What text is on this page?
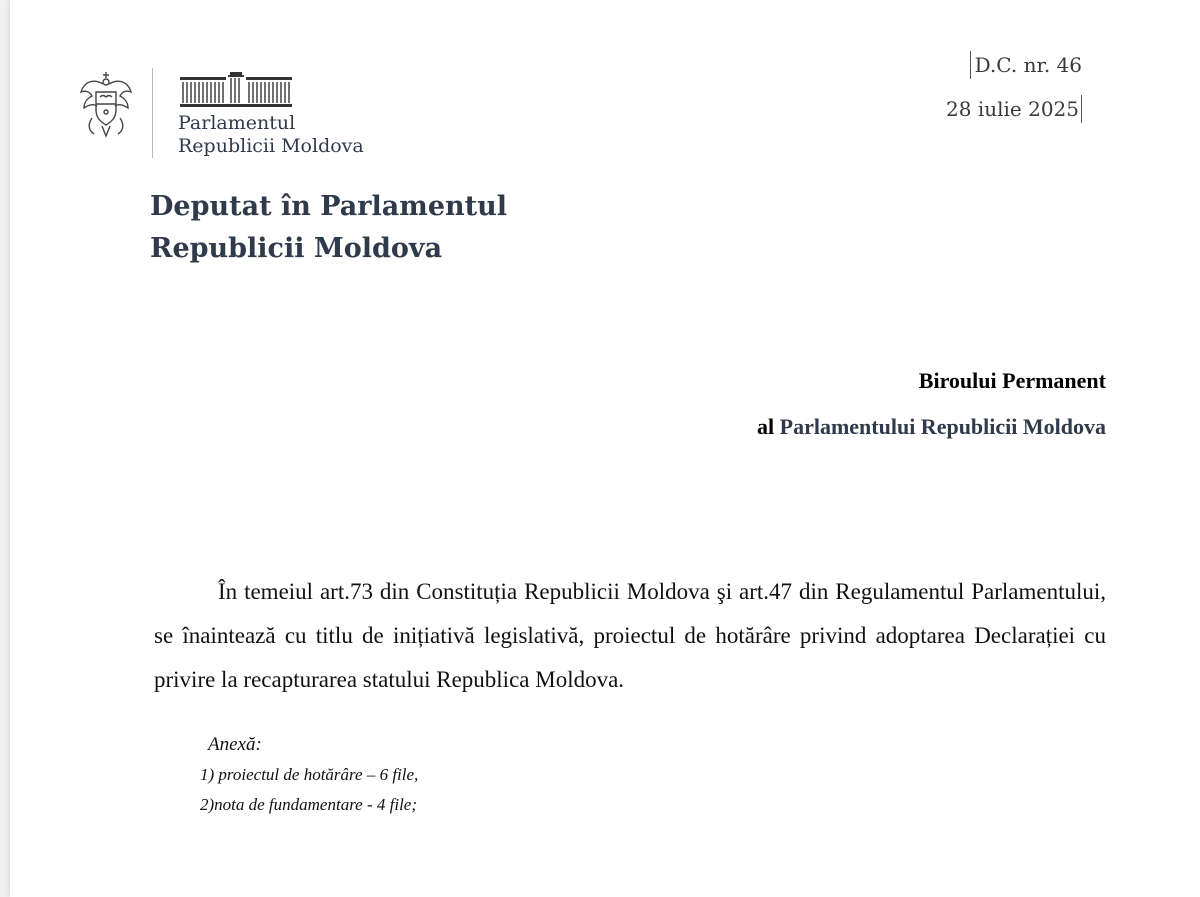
Parlamentul
Republicii Moldova
D.C. nr. 46
28 iulie 2025
Deputat în Parlamentul
Republicii Moldova
Biroului Permanent
al Parlamentului Republicii Moldova
În temeiul art.73 din Constituția Republicii Moldova şi art.47 din Regulamentul Parlamentului, se înaintează cu titlu de inițiativă legislativă, proiectul de hotărâre privind adoptarea Declarației cu privire la recapturarea statului Republica Moldova.
Anexă:
1) proiectul de hotărâre – 6 file,
2)nota de fundamentare - 4 file;
